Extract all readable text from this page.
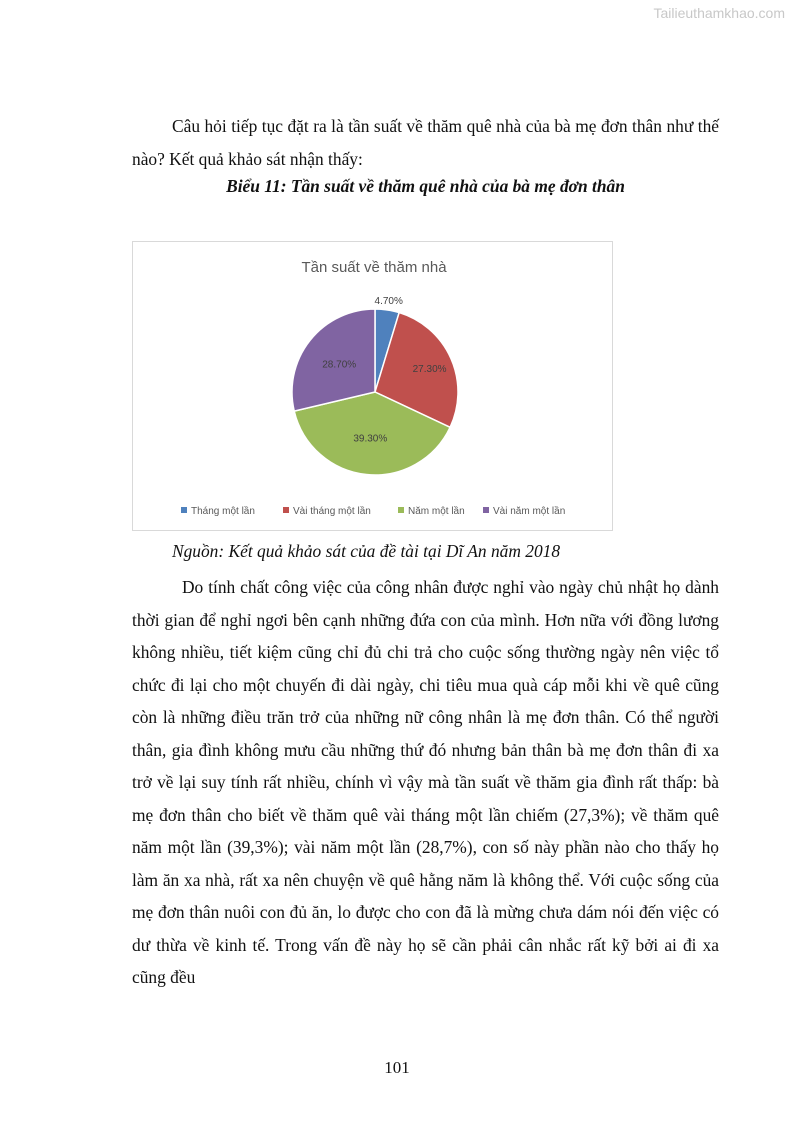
Tailieuthamkhao.com

Câu hỏi tiếp tục đặt ra là tần suất về thăm quê nhà của bà mẹ đơn thân như thế nào? Kết quả khảo sát nhận thấy:

Biểu 11: Tần suất về thăm quê nhà của bà mẹ đơn thân
Tần suất về thăm nhà
4.70%
27.30%
39.30%
28.70%
Tháng một lần	Vài tháng một lần	Năm một lần	Vài năm một lần
Nguồn: Kết quả khảo sát của đề tài tại Dĩ An năm 2018

Do tính chất công việc của công nhân được nghỉ vào ngày chủ nhật họ dành thời gian để nghỉ ngơi bên cạnh những đứa con của mình. Hơn nữa với đồng lương không nhiều, tiết kiệm cũng chỉ đủ chi trả cho cuộc sống thường ngày nên việc tổ chức đi lại cho một chuyến đi dài ngày, chi tiêu mua quà cáp mỗi khi về quê cũng còn là những điều trăn trở của những nữ công nhân là mẹ đơn thân. Có thể người thân, gia đình không mưu cầu những thứ đó nhưng bản thân bà mẹ đơn thân đi xa trở về lại suy tính rất nhiều, chính vì vậy mà tần suất về thăm gia đình rất thấp: bà mẹ đơn thân cho biết về thăm quê vài tháng một lần chiếm (27,3%); về thăm quê năm một lần (39,3%); vài năm một lần (28,7%), con số này phần nào cho thấy họ làm ăn xa nhà, rất xa nên chuyện về quê hằng năm là không thể. Với cuộc sống của mẹ đơn thân nuôi con đủ ăn, lo được cho con đã là mừng chưa dám nói đến việc có dư thừa về kinh tế. Trong vấn đề này họ sẽ cần phải cân nhắc rất kỹ bởi ai đi xa cũng đều

101
